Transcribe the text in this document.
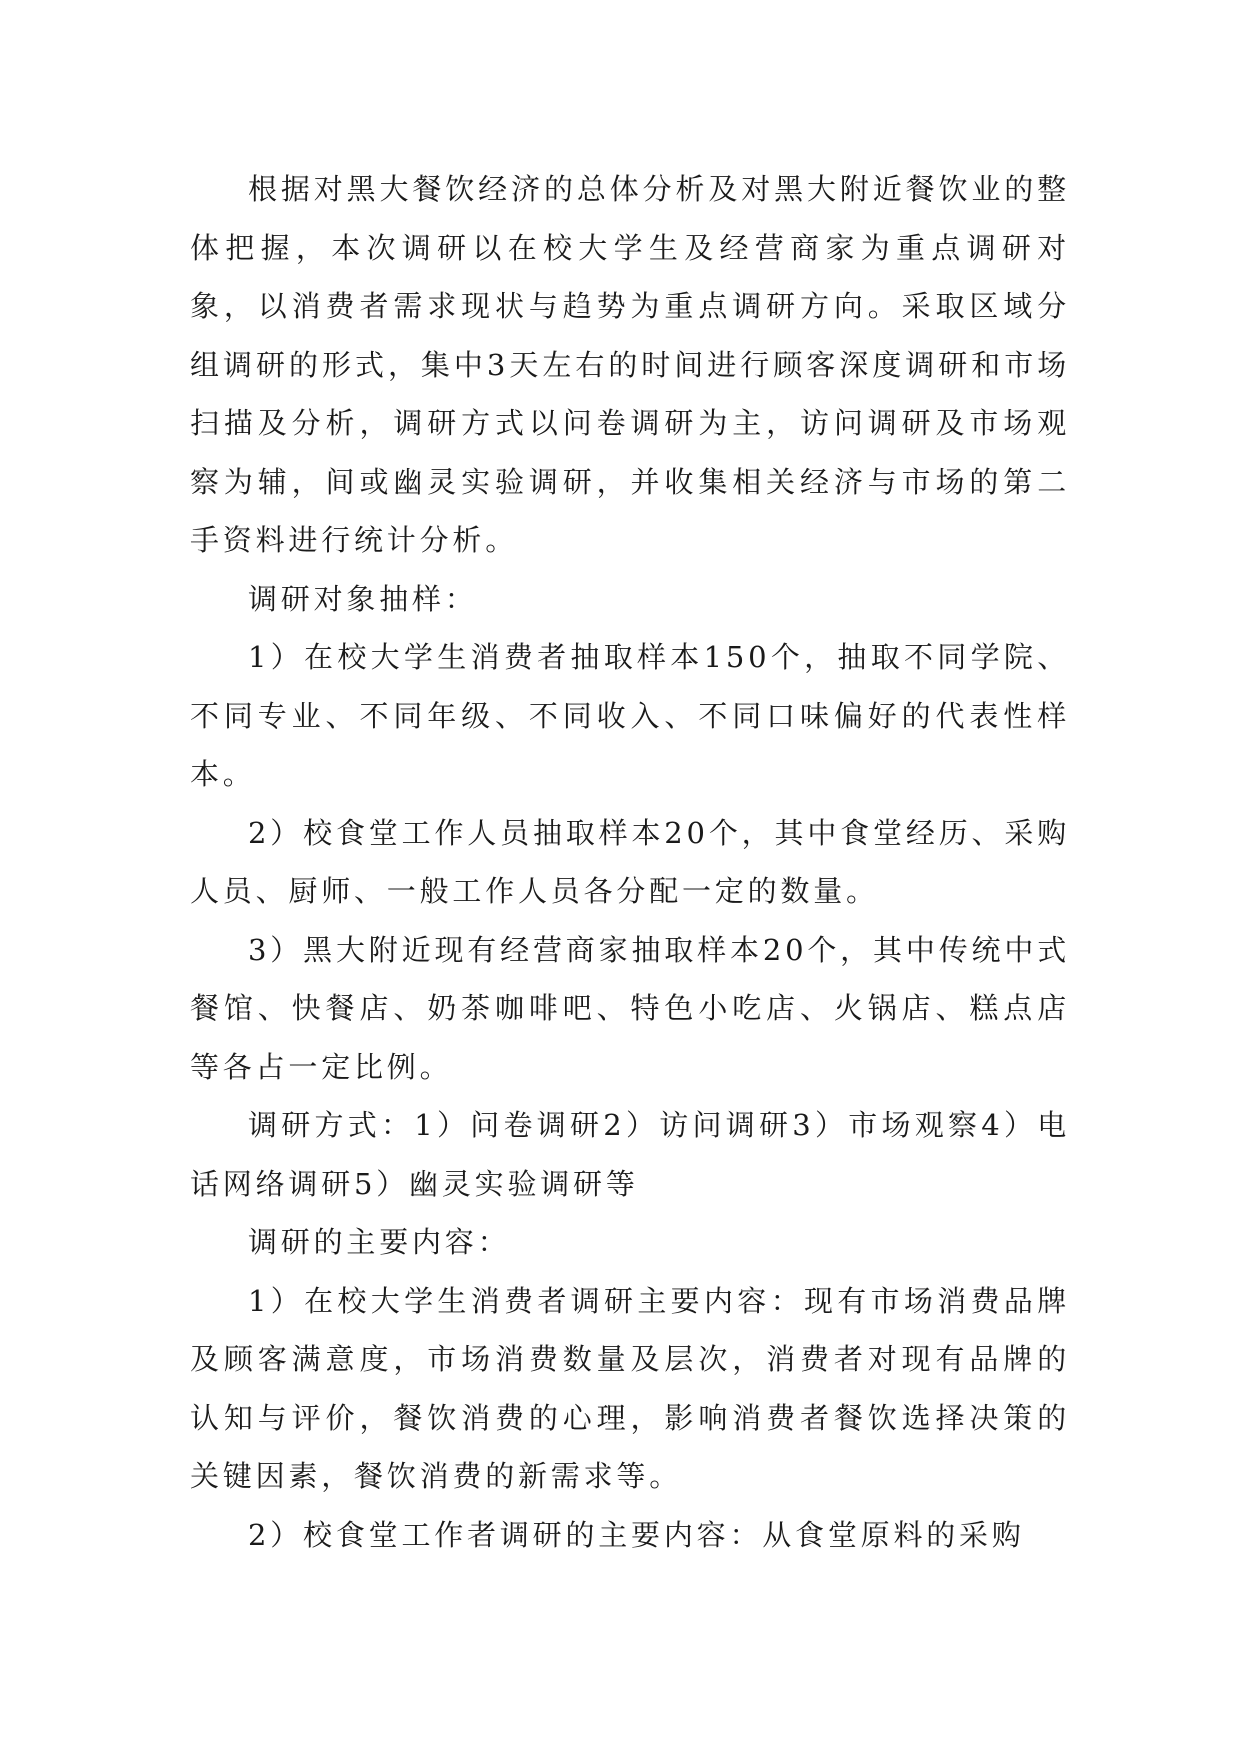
根据对黑大餐饮经济的总体分析及对黑大附近餐饮业的整体把握，本次调研以在校大学生及经营商家为重点调研对象，以消费者需求现状与趋势为重点调研方向。采取区域分组调研的形式，集中3天左右的时间进行顾客深度调研和市场扫描及分析，调研方式以问卷调研为主，访问调研及市场观察为辅，间或幽灵实验调研，并收集相关经济与市场的第二手资料进行统计分析。

调研对象抽样：

1）在校大学生消费者抽取样本150个，抽取不同学院、不同专业、不同年级、不同收入、不同口味偏好的代表性样本。

2）校食堂工作人员抽取样本20个，其中食堂经历、采购人员、厨师、一般工作人员各分配一定的数量。

3）黑大附近现有经营商家抽取样本20个，其中传统中式餐馆、快餐店、奶茶咖啡吧、特色小吃店、火锅店、糕点店等各占一定比例。

调研方式：1）问卷调研2）访问调研3）市场观察4）电话网络调研5）幽灵实验调研等

调研的主要内容：

1）在校大学生消费者调研主要内容：现有市场消费品牌及顾客满意度，市场消费数量及层次，消费者对现有品牌的认知与评价，餐饮消费的心理，影响消费者餐饮选择决策的关键因素，餐饮消费的新需求等。

2）校食堂工作者调研的主要内容：从食堂原料的采购
